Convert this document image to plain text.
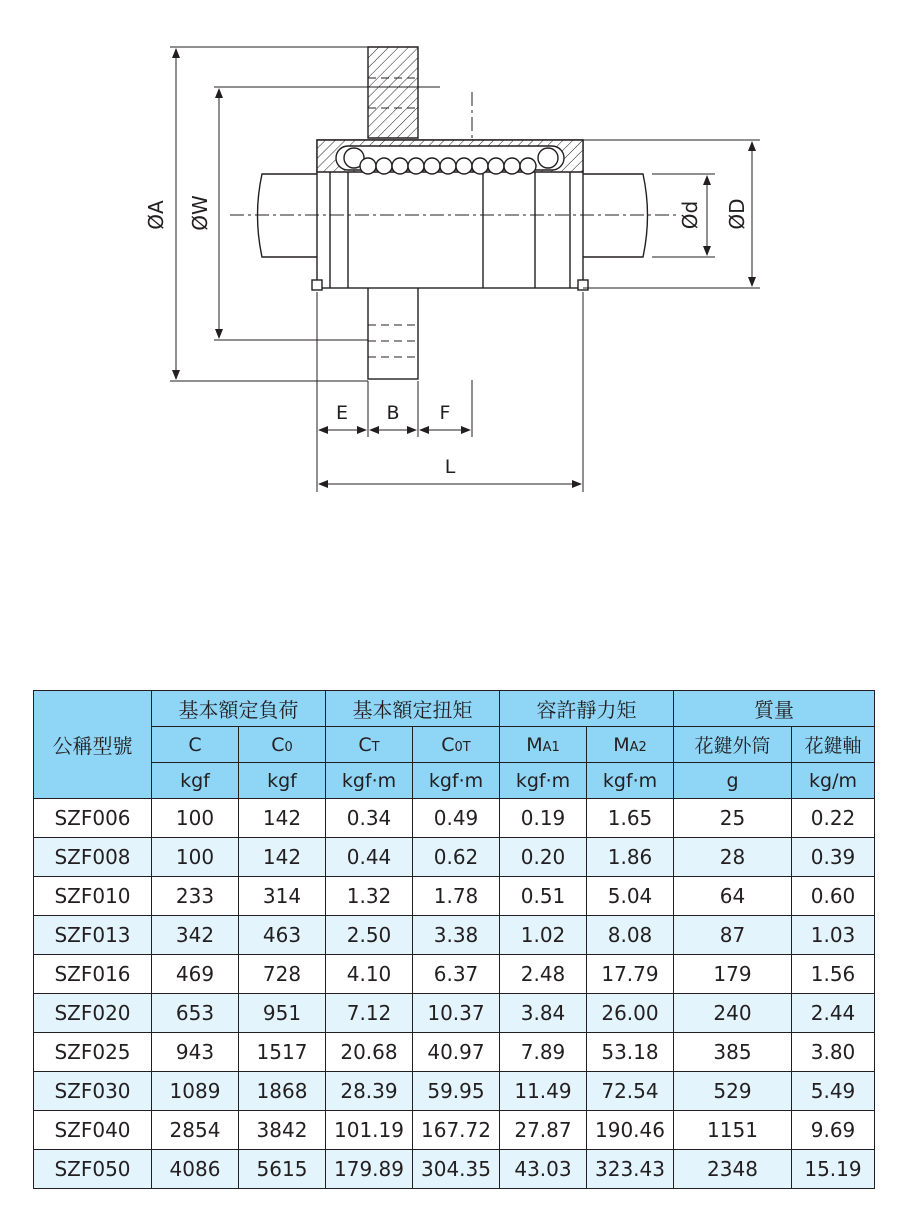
ØA ØW	Ød ØD
E B F
L
公稱型號	基本額定負荷		基本額定扭矩		容許靜力矩		質量	
	C	C0	CT	C0T	MA1	MA2	花鍵外筒	花鍵軸
	kgf	kgf	kgf·m	kgf·m	kgf·m	kgf·m	g	kg/m
SZF006	100	142	0.34	0.49	0.19	1.65	25	0.22
SZF008	100	142	0.44	0.62	0.20	1.86	28	0.39
SZF010	233	314	1.32	1.78	0.51	5.04	64	0.60
SZF013	342	463	2.50	3.38	1.02	8.08	87	1.03
SZF016	469	728	4.10	6.37	2.48	17.79	179	1.56
SZF020	653	951	7.12	10.37	3.84	26.00	240	2.44
SZF025	943	1517	20.68	40.97	7.89	53.18	385	3.80
SZF030	1089	1868	28.39	59.95	11.49	72.54	529	5.49
SZF040	2854	3842	101.19	167.72	27.87	190.46	1151	9.69
SZF050	4086	5615	179.89	304.35	43.03	323.43	2348	15.19
